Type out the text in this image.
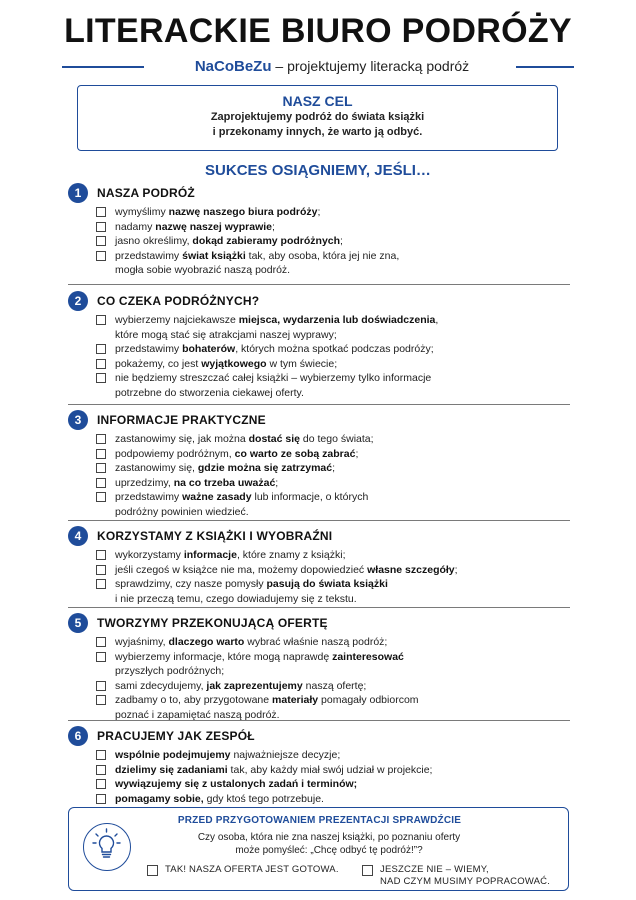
LITERACKIE BIURO PODRÓŻY
NaCoBeZu – projektujemy literacką podróż
NASZ CEL
Zaprojektujemy podróż do świata książki
i przekonamy innych, że warto ją odbyć.
SUKCES OSIĄGNIEMY, JEŚLI…
1	NASZA PODRÓŻ
wymyślimy nazwę naszego biura podróży;
nadamy nazwę naszej wyprawie;
jasno określimy, dokąd zabieramy podróżnych;
przedstawimy świat książki tak, aby osoba, która jej nie zna,
mogła sobie wyobrazić naszą podróż.
2	CO CZEKA PODRÓŻNYCH?
wybierzemy najciekawsze miejsca, wydarzenia lub doświadczenia,
które mogą stać się atrakcjami naszej wyprawy;
przedstawimy bohaterów, których można spotkać podczas podróży;
pokażemy, co jest wyjątkowego w tym świecie;
nie będziemy streszczać całej książki – wybierzemy tylko informacje
potrzebne do stworzenia ciekawej oferty.
3	INFORMACJE PRAKTYCZNE
zastanowimy się, jak można dostać się do tego świata;
podpowiemy podróżnym, co warto ze sobą zabrać;
zastanowimy się, gdzie można się zatrzymać;
uprzedzimy, na co trzeba uważać;
przedstawimy ważne zasady lub informacje, o których
podróżny powinien wiedzieć.
4	KORZYSTAMY Z KSIĄŻKI I WYOBRAŹNI
wykorzystamy informacje, które znamy z książki;
jeśli czegoś w książce nie ma, możemy dopowiedzieć własne szczegóły;
sprawdzimy, czy nasze pomysły pasują do świata książki
i nie przeczą temu, czego dowiadujemy się z tekstu.
5	TWORZYMY PRZEKONUJĄCĄ OFERTĘ
wyjaśnimy, dlaczego warto wybrać właśnie naszą podróż;
wybierzemy informacje, które mogą naprawdę zainteresować
przyszłych podróżnych;
sami zdecydujemy, jak zaprezentujemy naszą ofertę;
zadbamy o to, aby przygotowane materiały pomagały odbiorcom
poznać i zapamiętać naszą podróż.
6	PRACUJEMY JAK ZESPÓŁ
wspólnie podejmujemy najważniejsze decyzje;
dzielimy się zadaniami tak, aby każdy miał swój udział w projekcie;
wywiązujemy się z ustalonych zadań i terminów;
pomagamy sobie, gdy ktoś tego potrzebuje.
PRZED PRZYGOTOWANIEM PREZENTACJI SPRAWDŹCIE
Czy osoba, która nie zna naszej książki, po poznaniu oferty
może pomyśleć: „Chcę odbyć tę podróż!”?
TAK! NASZA OFERTA JEST GOTOWA.	JESZCZE NIE – WIEMY,
NAD CZYM MUSIMY POPRACOWAĆ.
